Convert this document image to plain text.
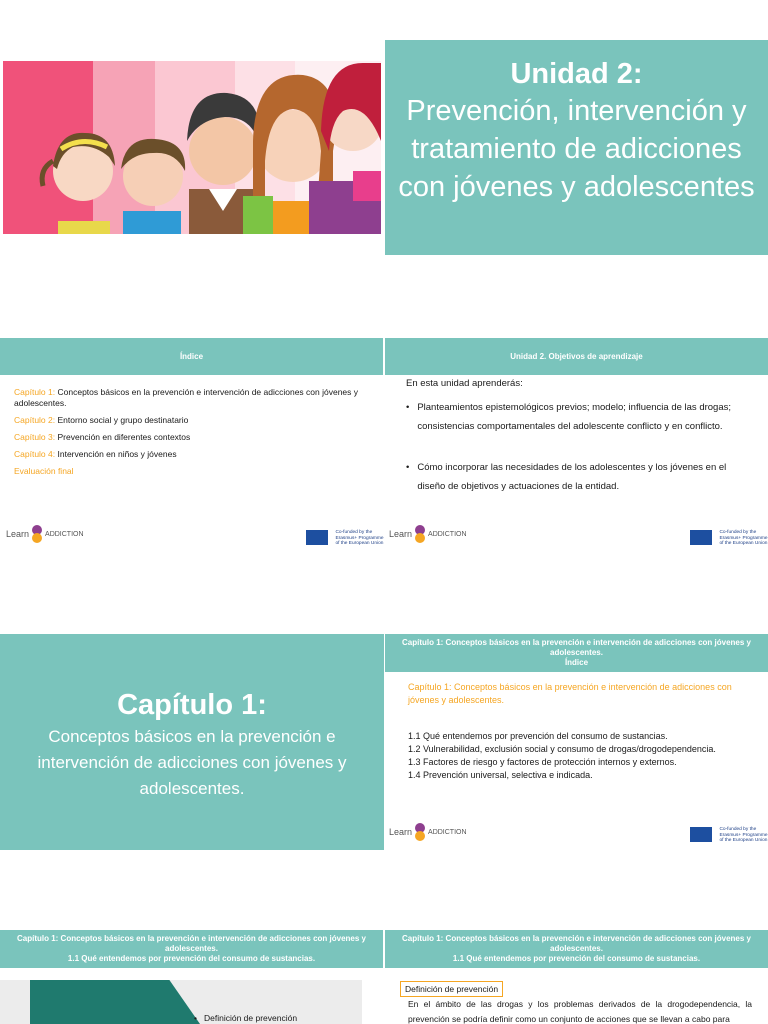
Unidad 2:
Prevención, intervención y tratamiento de adicciones con jóvenes y adolescentes
Índice
Capítulo 1: Conceptos básicos en la prevención e intervención de adicciones con jóvenes y adolescentes.
Capítulo 2: Entorno social y grupo destinatario
Capítulo 3: Prevención en diferentes contextos
Capítulo 4: Intervención en niños y jóvenes
Evaluación final
Learn ADDICTION	Co-funded by the
Erasmus+ Programme
of the European Union
Unidad 2. Objetivos de aprendizaje
En esta unidad aprenderás:
• Planteamientos epistemológicos previos; modelo; influencia de las drogas; consistencias comportamentales del adolescente conflicto y en conflicto.
• Cómo incorporar las necesidades de los adolescentes y los jóvenes en el diseño de objetivos y actuaciones de la entidad.
Learn ADDICTION	Co-funded by the
Erasmus+ Programme
of the European Union
Capítulo 1:
Conceptos básicos en la prevención e intervención de adicciones con jóvenes y adolescentes.
Capítulo 1: Conceptos básicos en la prevención e intervención de adicciones con jóvenes y adolescentes.
Índice
Capítulo 1: Conceptos básicos en la prevención e intervención de adicciones con jóvenes y adolescentes.
1.1 Qué entendemos por prevención del consumo de sustancias.
1.2 Vulnerabilidad, exclusión social y consumo de drogas/drogodependencia.
1.3 Factores de riesgo y factores de protección internos y externos.
1.4 Prevención universal, selectiva e indicada.
Learn ADDICTION	Co-funded by the
Erasmus+ Programme
of the European Union
Capítulo 1: Conceptos básicos en la prevención e intervención de adicciones con jóvenes y adolescentes.
1.1 Qué entendemos por prevención del consumo de sustancias.
• Definición de prevención
Capítulo 1: Conceptos básicos en la prevención e intervención de adicciones con jóvenes y adolescentes.
1.1 Qué entendemos por prevención del consumo de sustancias.
Definición de prevención
En el ámbito de las drogas y los problemas derivados de la drogodependencia, la prevención se podría definir como un conjunto de acciones que se llevan a cabo para
